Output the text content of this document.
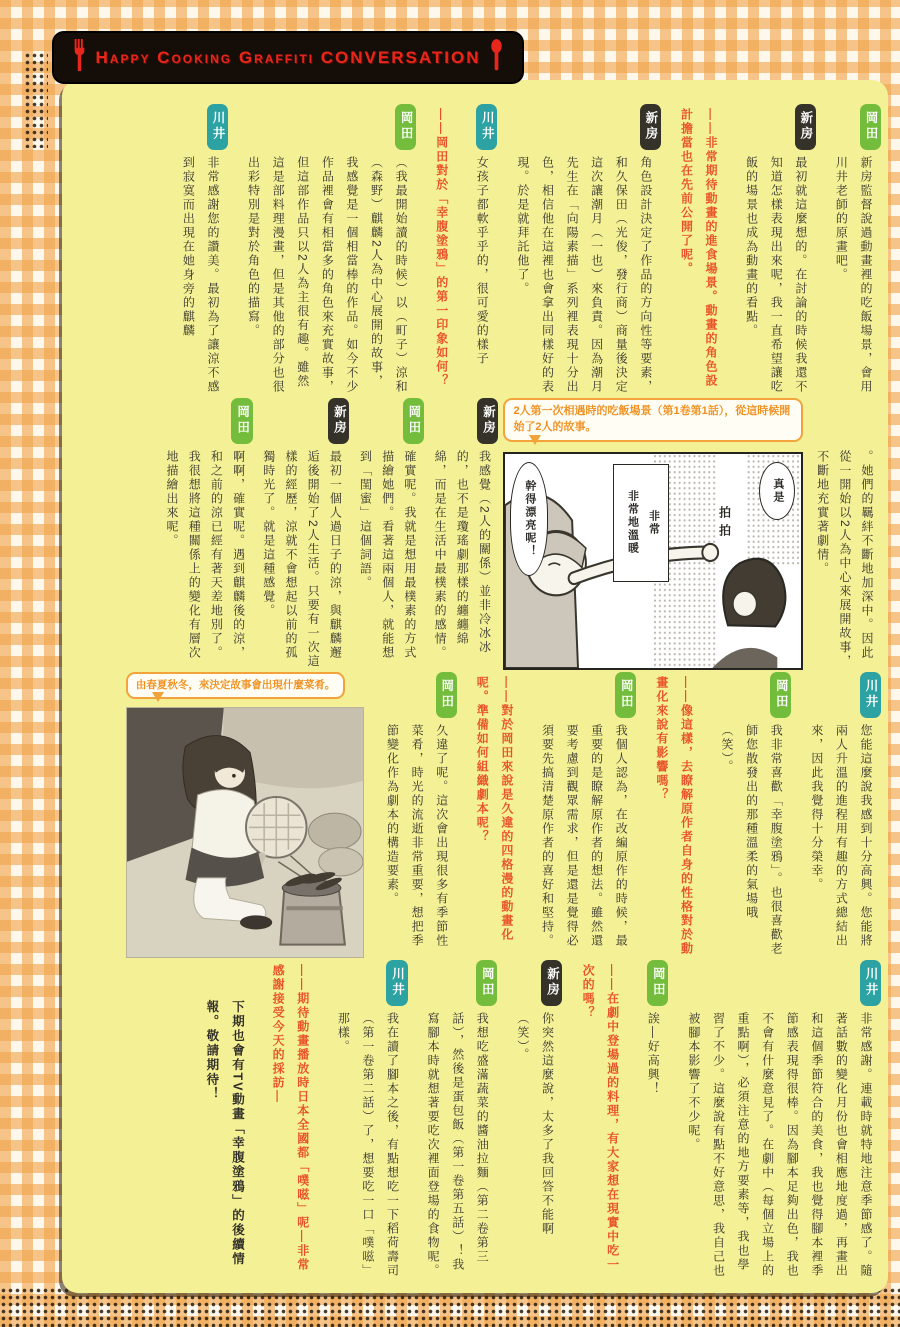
Happy Cooking Graffiti CONVERSATION
岡田
新房監督說過動畫裡的吃飯場景，會用川井老師的原畫吧。
新房
最初就這麼想的。在討論的時候我還不知道怎樣表現出來呢，我一直希望讓吃飯的場景也成為動畫的看點。——非常期待動畫的進食場景。動畫的角色設計擔當也在先前公開了呢。
新房
角色設計決定了作品的方向性等要素，和久保田（光俊，發行商）商量後決定這次讓潮月（一也）來負責。因為潮月先生在「向陽素描」系列裡表現十分出色，相信他在這裡也會拿出同樣好的表現。於是就拜託他了。
川井
女孩子都軟乎乎的，很可愛的樣子——岡田對於「幸腹塗鴉」的第一印象如何？
岡田
（我最開始讀的時候）以（町子）涼和（森野）麒麟2人為中心展開的故事，我感覺是一個相當棒的作品。如今不少作品裡會有相當多的角色來充實故事，但這部作品只以2人為主很有趣。雖然這是部料理漫畫，但是其他的部分也很出彩特別是對於角色的描寫。
川井
非常感謝您的讚美。最初為了讓涼不感到寂寞而出現在她身旁的麒麟
。她們的羈絆不斷地加深中。因此從一開始以2人為中心來展開故事，不斷地充實著劇情。
2人第一次相遇時的吃飯場景（第1卷第1話），從這時候開始了2人的故事。
真是
非常
非常地溫暖	拍拍
幹得漂亮呢！
新房
我感覺（2人的關係）並非冷冰冰的，也不是瓊瑤劇那樣的纏纏綿綿，而是在生活中最樸素的感情。
岡田
確實呢。我就是想用最樸素的方式描繪她們。看著這兩個人，就能想到「閨蜜」這個詞語。
新房
最初一個人過日子的涼，與麒麟邂逅後開始了2人生活。只要有一次這樣的經歷，涼就不會想起以前的孤獨時光了。就是這種感覺。
岡田
啊啊，確實呢。遇到麒麟後的涼，和之前的涼已經有著天差地別了。我很想將這種關係上的變化有層次地描繪出來呢。
川井
您能這麼說我感到十分高興。您能將兩人升溫的進程用有趣的方式總結出來，因此我覺得十分榮幸。
岡田
我非常喜歡「幸腹塗鴉」。也很喜歡老師您散發出的那種溫柔的氣場哦（笑）。——像這樣，去瞭解原作者自身的性格對於動畫化來說有影響嗎？
岡田
我個人認為，在改編原作的時候，最重要的是瞭解原作者的想法。雖然還要考慮到觀眾需求，但是還是覺得必須要先搞清楚原作者的喜好和堅持。——對於岡田來說是久違的四格漫的動畫化呢。準備如何組織劇本呢？
岡田
久違了呢。這次會出現很多有季節性菜肴，時光的流逝非常重要，想把季節變化作為劇本的構造要素。
由春夏秋冬，來決定故事會出現什麼菜肴。
川井
非常感謝。連載時就特地注意季節感了。隨著話數的變化月份也會相應地度過，再畫出和這個季節符合的美食，我也覺得腳本裡季節感表現得很棒。因為腳本足夠出色，我也不會有什麼意見了。在劇中（每個立場上的重點啊），必須注意的地方要素等，我也學習了不少。這麼說有點不好意思，我自己也被腳本影響了不少呢。
岡田
誒—好高興！——在劇中登場過的料理，有大家想在現實中吃一次的嗎？
新房
你突然這麼說，太多了我回答不能啊（笑）。
岡田
我想吃盛滿蔬菜的醬油拉麵（第二卷第三話），然後是蛋包飯（第一卷第五話）！我寫腳本時就想著要吃次裡面登場的食物呢。
川井
我在讀了腳本之後，有點想吃一下稻荷壽司（第一卷第二話）了，想要吃一口「噗嗞」那樣。——期待動畫播放時日本全國都「噗嗞」呢—非常感謝接受今天的採訪—下期也會有TV動畫「幸腹塗鴉」的後續情報。敬請期待！
